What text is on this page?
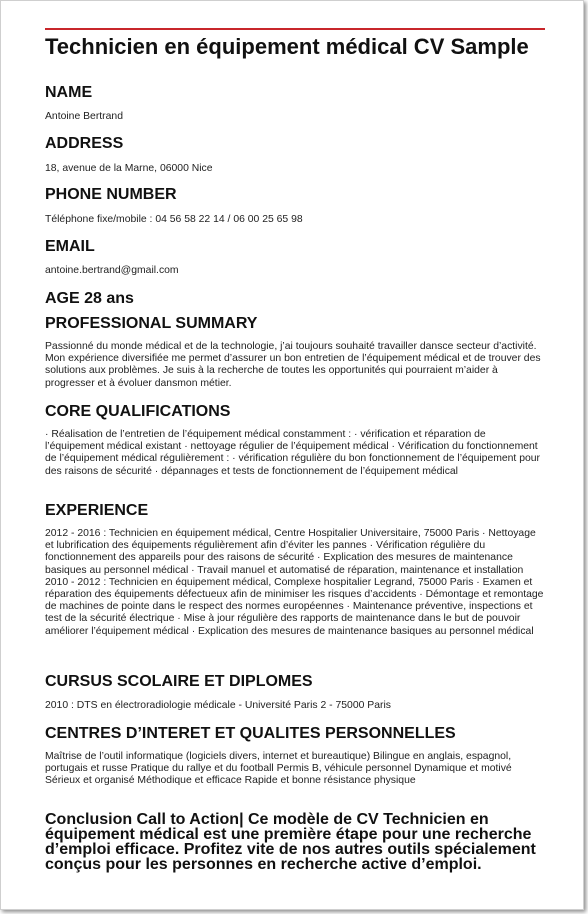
Technicien en équipement médical CV Sample
NAME

Antoine Bertrand

ADDRESS

18, avenue de la Marne, 06000 Nice

PHONE NUMBER

Téléphone fixe/mobile : 04 56 58 22 14 / 06 00 25 65 98

EMAIL

antoine.bertrand@gmail.com

AGE 28 ans
PROFESSIONAL SUMMARY

Passionné du monde médical et de la technologie, j’ai toujours souhaité travailler dansce secteur d’activité. Mon expérience diversifiée me permet d’assurer un bon entretien de l’équipement médical et de trouver des solutions aux problèmes. Je suis à la recherche de toutes les opportunités qui pourraient m’aider à progresser et à évoluer dansmon métier.

CORE QUALIFICATIONS

· Réalisation de l’entretien de l’équipement médical constamment : · vérification et réparation de l’équipement médical existant · nettoyage régulier de l’équipement médical · Vérification du fonctionnement de l’équipement médical régulièrement : · vérification régulière du bon fonctionnement de l’équipement pour des raisons de sécurité · dépannages et tests de fonctionnement de l’équipement médical

EXPERIENCE

2012 - 2016 : Technicien en équipement médical, Centre Hospitalier Universitaire, 75000 Paris · Nettoyage et lubrification des équipements régulièrement afin d’éviter les pannes · Vérification régulière du fonctionnement des appareils pour des raisons de sécurité · Explication des mesures de maintenance basiques au personnel médical · Travail manuel et automatisé de réparation, maintenance et installation 2010 - 2012 : Technicien en équipement médical, Complexe hospitalier Legrand, 75000 Paris · Examen et réparation des équipements défectueux afin de minimiser les risques d’accidents · Démontage et remontage de machines de pointe dans le respect des normes européennes · Maintenance préventive, inspections et test de la sécurité électrique · Mise à jour régulière des rapports de maintenance dans le but de pouvoir améliorer l’équipement médical · Explication des mesures de maintenance basiques au personnel médical

CURSUS SCOLAIRE ET DIPLOMES

2010 : DTS en électroradiologie médicale - Université Paris 2 - 75000 Paris

CENTRES D’INTERET ET QUALITES PERSONNELLES

Maîtrise de l’outil informatique (logiciels divers, internet et bureautique) Bilingue en anglais, espagnol, portugais et russe Pratique du rallye et du football Permis B, véhicule personnel Dynamique et motivé Sérieux et organisé Méthodique et efficace Rapide et bonne résistance physique

Conclusion Call to Action| Ce modèle de CV Technicien en équipement médical est une première étape pour une recherche d’emploi efficace. Profitez vite de nos autres outils spécialement conçus pour les personnes en recherche active d’emploi.
